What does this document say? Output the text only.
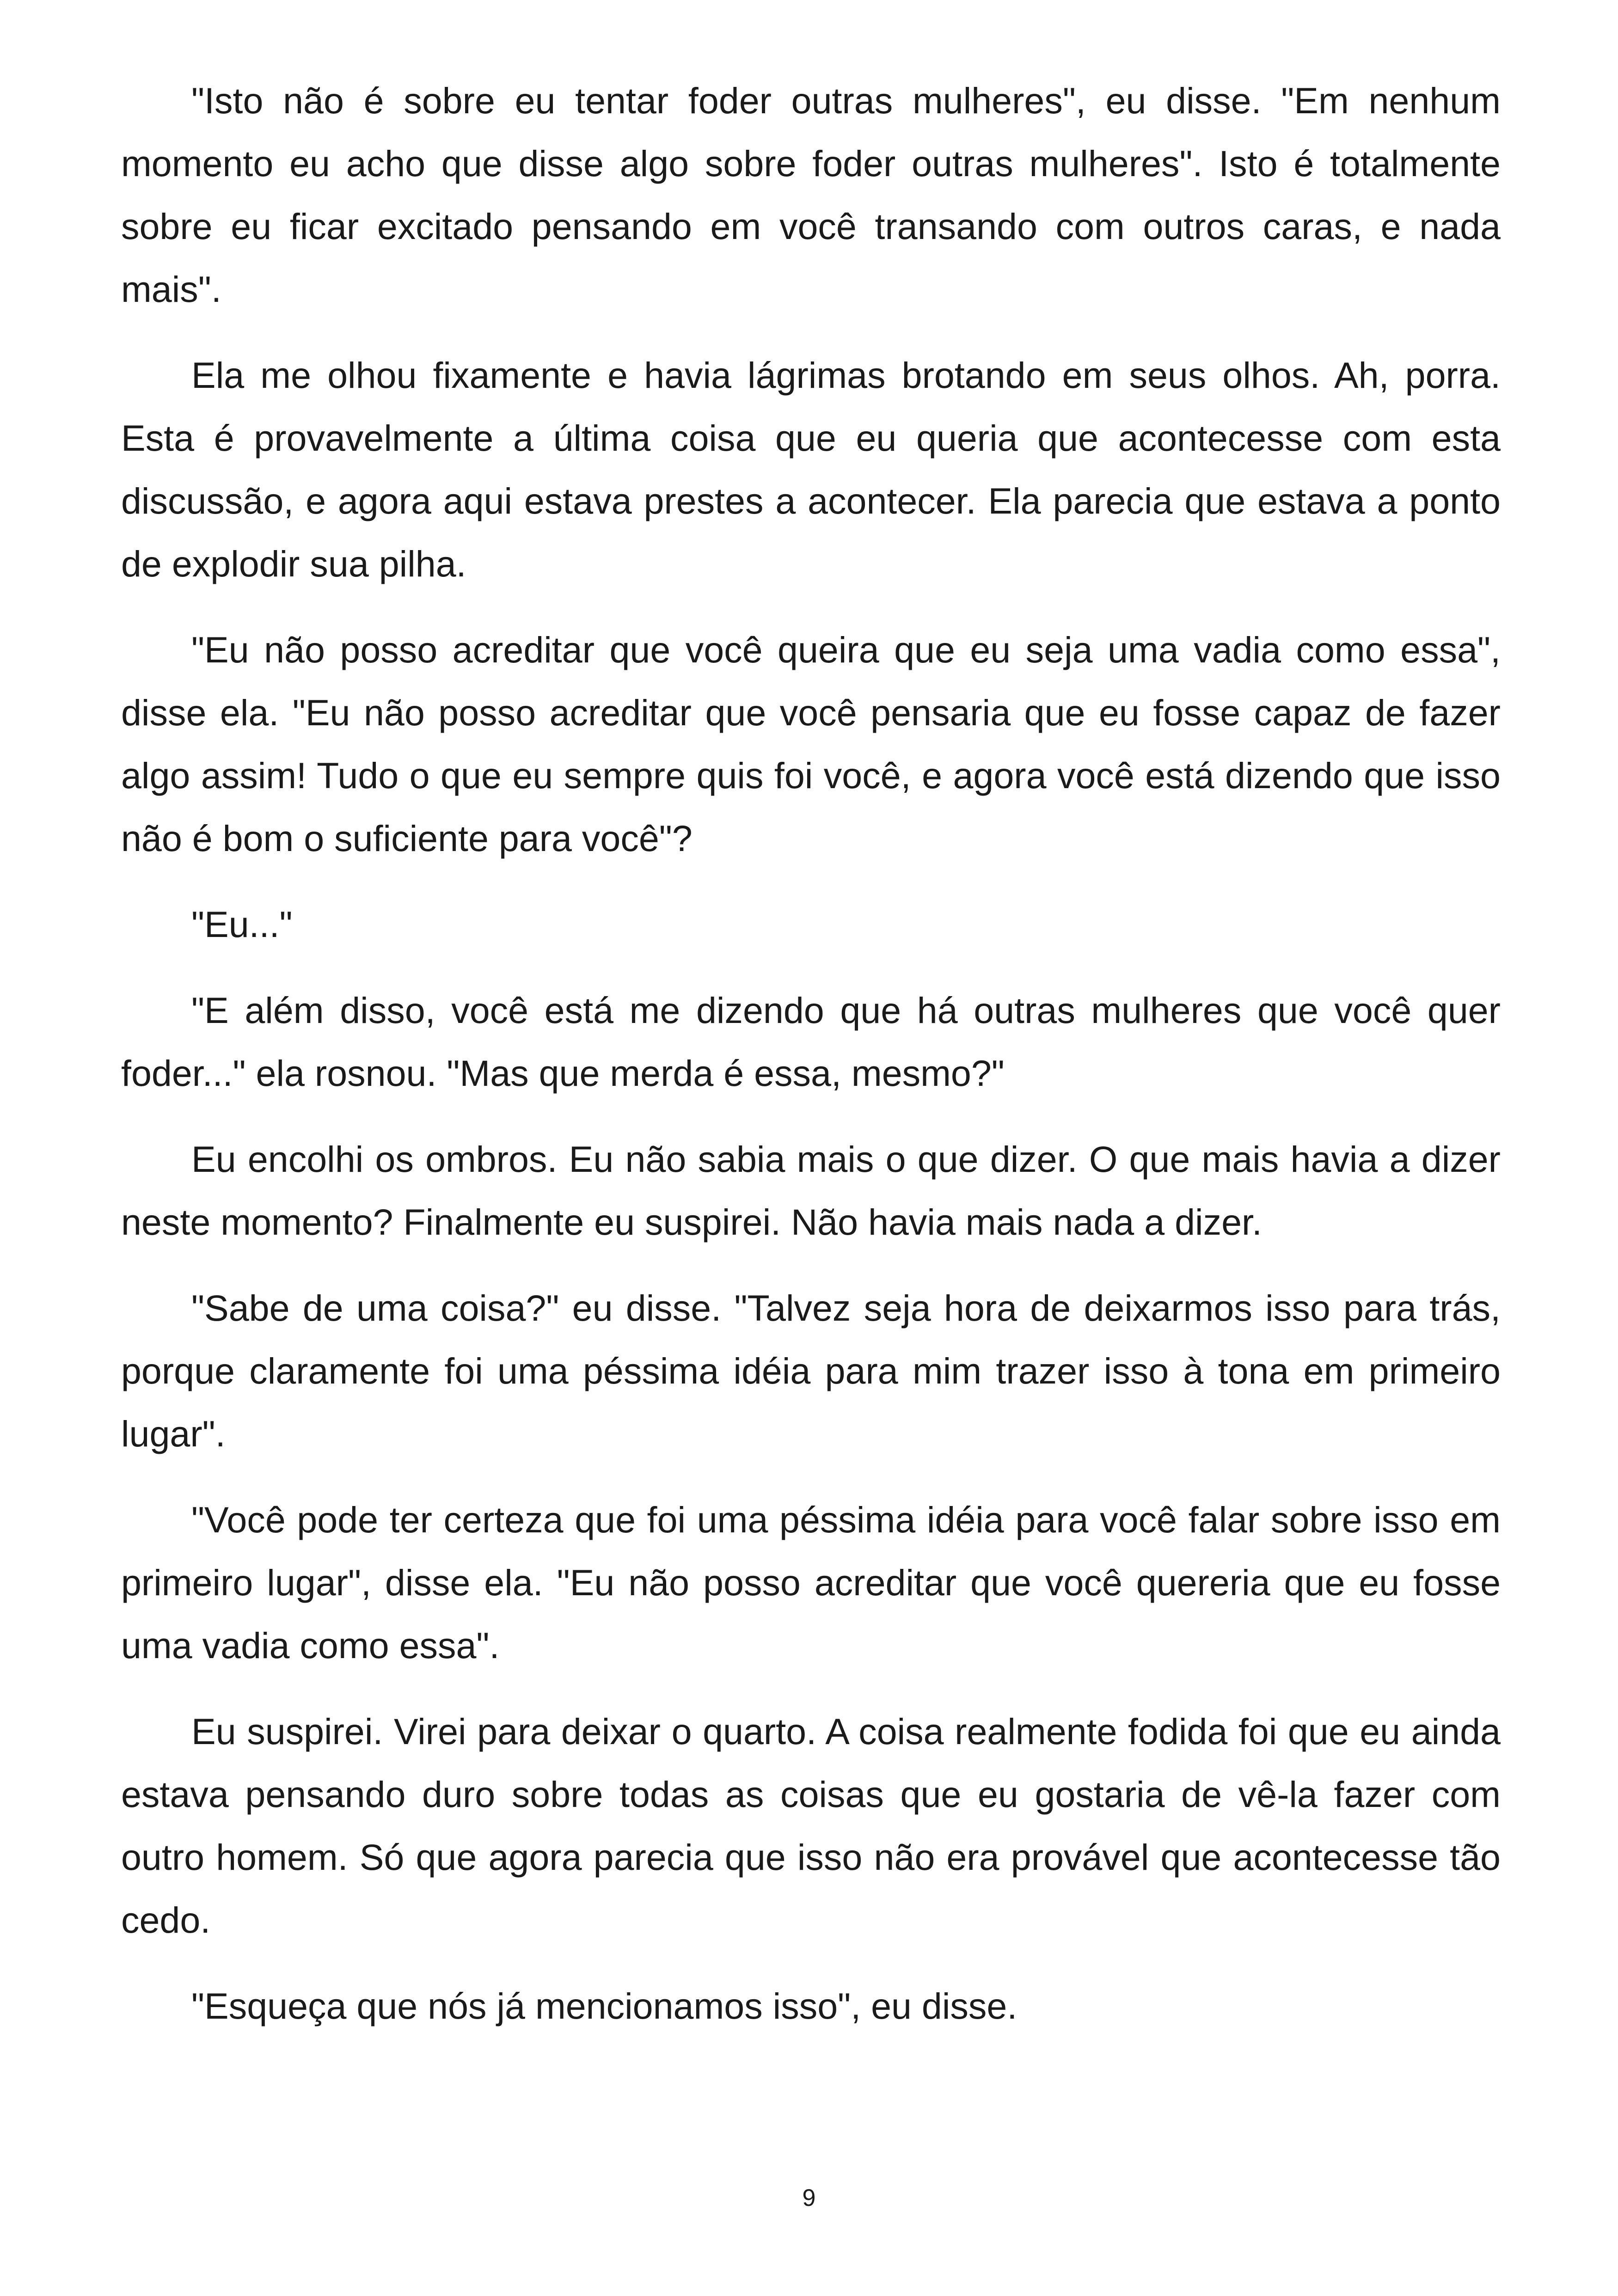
"Isto não é sobre eu tentar foder outras mulheres", eu disse. "Em nenhum momento eu acho que disse algo sobre foder outras mulheres". Isto é totalmente sobre eu ficar excitado pensando em você transando com outros caras, e nada mais".

Ela me olhou fixamente e havia lágrimas brotando em seus olhos. Ah, porra. Esta é provavelmente a última coisa que eu queria que acontecesse com esta discussão, e agora aqui estava prestes a acontecer. Ela parecia que estava a ponto de explodir sua pilha.

"Eu não posso acreditar que você queira que eu seja uma vadia como essa", disse ela. "Eu não posso acreditar que você pensaria que eu fosse capaz de fazer algo assim! Tudo o que eu sempre quis foi você, e agora você está dizendo que isso não é bom o suficiente para você"?

"Eu..."

"E além disso, você está me dizendo que há outras mulheres que você quer foder..." ela rosnou. "Mas que merda é essa, mesmo?"

Eu encolhi os ombros. Eu não sabia mais o que dizer. O que mais havia a dizer neste momento? Finalmente eu suspirei. Não havia mais nada a dizer.

"Sabe de uma coisa?" eu disse. "Talvez seja hora de deixarmos isso para trás, porque claramente foi uma péssima idéia para mim trazer isso à tona em primeiro lugar".

"Você pode ter certeza que foi uma péssima idéia para você falar sobre isso em primeiro lugar", disse ela. "Eu não posso acreditar que você quereria que eu fosse uma vadia como essa".

Eu suspirei. Virei para deixar o quarto. A coisa realmente fodida foi que eu ainda estava pensando duro sobre todas as coisas que eu gostaria de vê-la fazer com outro homem. Só que agora parecia que isso não era provável que acontecesse tão cedo.

"Esqueça que nós já mencionamos isso", eu disse.

9
